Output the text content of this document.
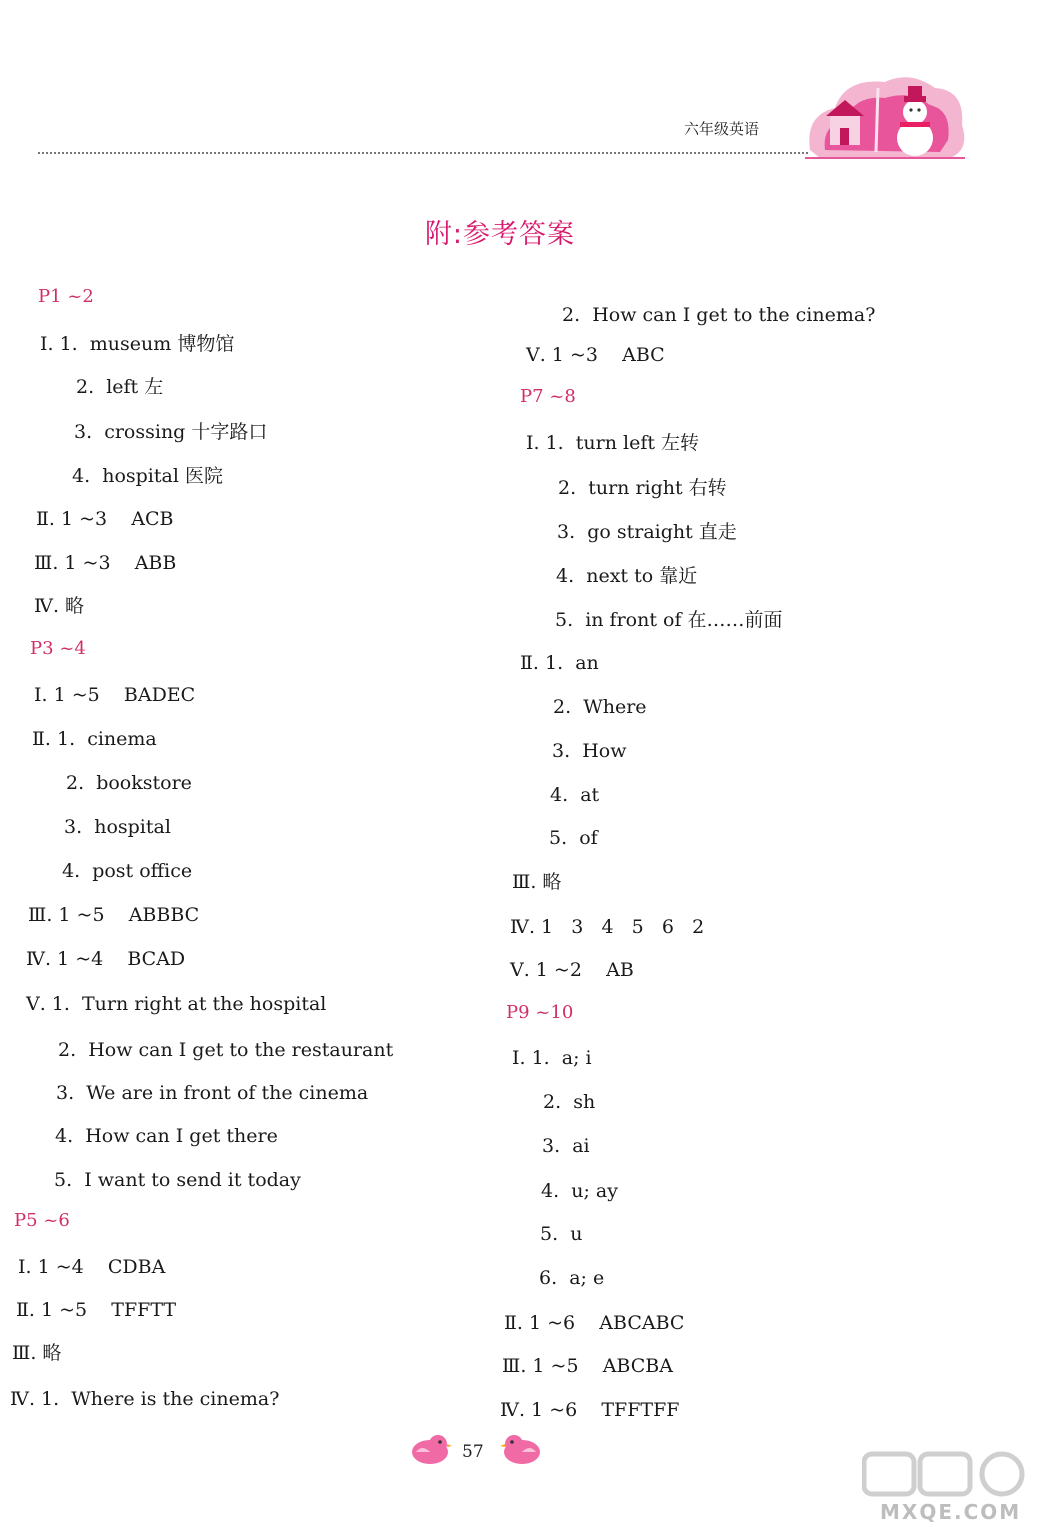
六年级英语
附:参考答案
P1 ~2
Ⅰ. 1.  museum 博物馆
2.  left 左
3.  crossing 十字路口
4.  hospital 医院
Ⅱ. 1 ~3    ACB
Ⅲ. 1 ~3    ABB
Ⅳ. 略
P3 ~4
Ⅰ. 1 ~5    BADEC
Ⅱ. 1.  cinema
2.  bookstore
3.  hospital
4.  post office
Ⅲ. 1 ~5    ABBBC
Ⅳ. 1 ~4    BCAD
Ⅴ. 1.  Turn right at the hospital
2.  How can I get to the restaurant
3.  We are in front of the cinema
4.  How can I get there
5.  I want to send it today
P5 ~6
Ⅰ. 1 ~4    CDBA
Ⅱ. 1 ~5    TFFTT
Ⅲ. 略
Ⅳ. 1.  Where is the cinema?
2.  How can I get to the cinema?
Ⅴ. 1 ~3    ABC
P7 ~8
Ⅰ. 1.  turn left 左转
2.  turn right 右转
3.  go straight 直走
4.  next to 靠近
5.  in front of 在……前面
Ⅱ. 1.  an
2.  Where
3.  How
4.  at
5.  of
Ⅲ. 略
Ⅳ. 1   3   4   5   6   2
Ⅴ. 1 ~2    AB
P9 ~10
Ⅰ. 1.  a; i
2.  sh
3.  ai
4.  u; ay
5.  u
6.  a; e
Ⅱ. 1 ~6    ABCABC
Ⅲ. 1 ~5    ABCBA
Ⅳ. 1 ~6    TFFTFF
57
MXQE.COM
